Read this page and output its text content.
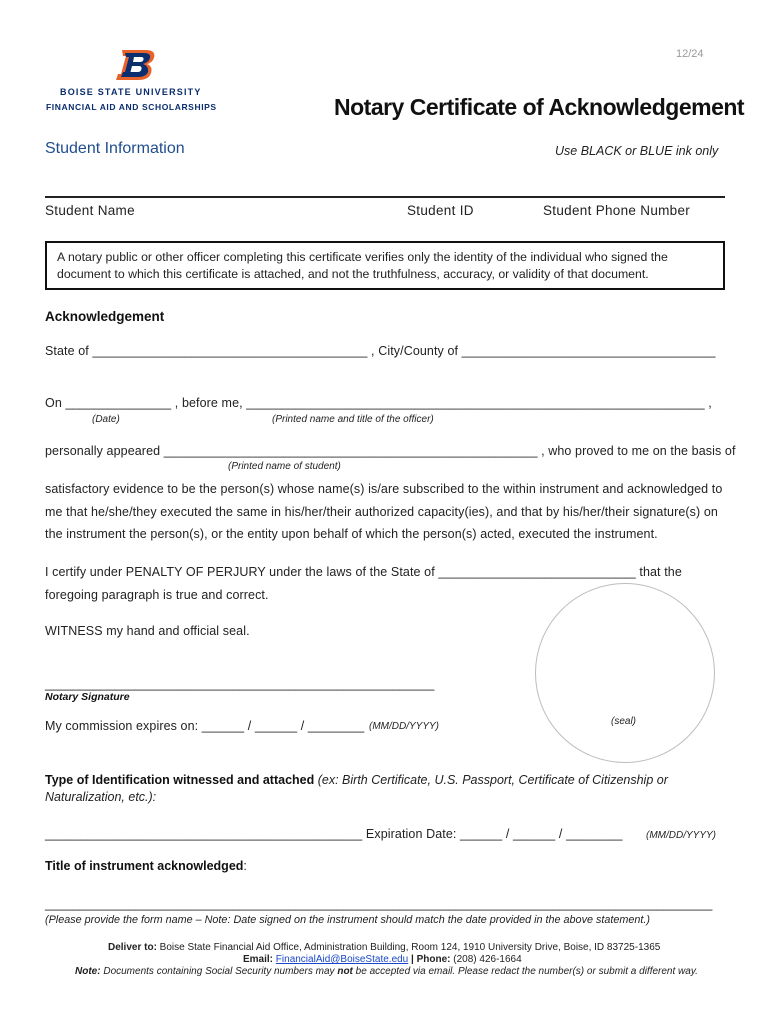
12/24
BOISE STATE UNIVERSITY
FINANCIAL AID AND SCHOLARSHIPS	Notary Certificate of Acknowledgement
Student Information	Use BLACK or BLUE ink only
Student Name	Student ID	Student Phone Number
A notary public or other officer completing this certificate verifies only the identity of the individual who signed the document to which this certificate is attached, and not the truthfulness, accuracy, or validity of that document.
Acknowledgement
State of _______________________________________ , City/County of ____________________________________
On _______________ , before me, _________________________________________________________________ ,
(Date)	(Printed name and title of the officer)
personally appeared _____________________________________________________ , who proved to me on the basis of
(Printed name of student)
satisfactory evidence to be the person(s) whose name(s) is/are subscribed to the within instrument and acknowledged to
me that he/she/they executed the same in his/her/their authorized capacity(ies), and that by his/her/their signature(s) on
the instrument the person(s), or the entity upon behalf of which the person(s) acted, executed the instrument.
I certify under PENALTY OF PERJURY under the laws of the State of ____________________________ that the
foregoing paragraph is true and correct.
(seal)
WITNESS my hand and official seal.
________________________________________________________
Notary Signature
My commission expires on: ______ / ______ / ________ (MM/DD/YYYY)
Type of Identification witnessed and attached (ex: Birth Certificate, U.S. Passport, Certificate of Citizenship or
Naturalization, etc.):
_____________________________________________ Expiration Date: ______ / ______ / ________ (MM/DD/YYYY)
Title of instrument acknowledged:
________________________________________________________________________________________________
(Please provide the form name – Note: Date signed on the instrument should match the date provided in the above statement.)
Deliver to: Boise State Financial Aid Office, Administration Building, Room 124, 1910 University Drive, Boise, ID 83725-1365
Email: FinancialAid@BoiseState.edu | Phone: (208) 426-1664
Note: Documents containing Social Security numbers may not be accepted via email. Please redact the number(s) or submit a different way.
